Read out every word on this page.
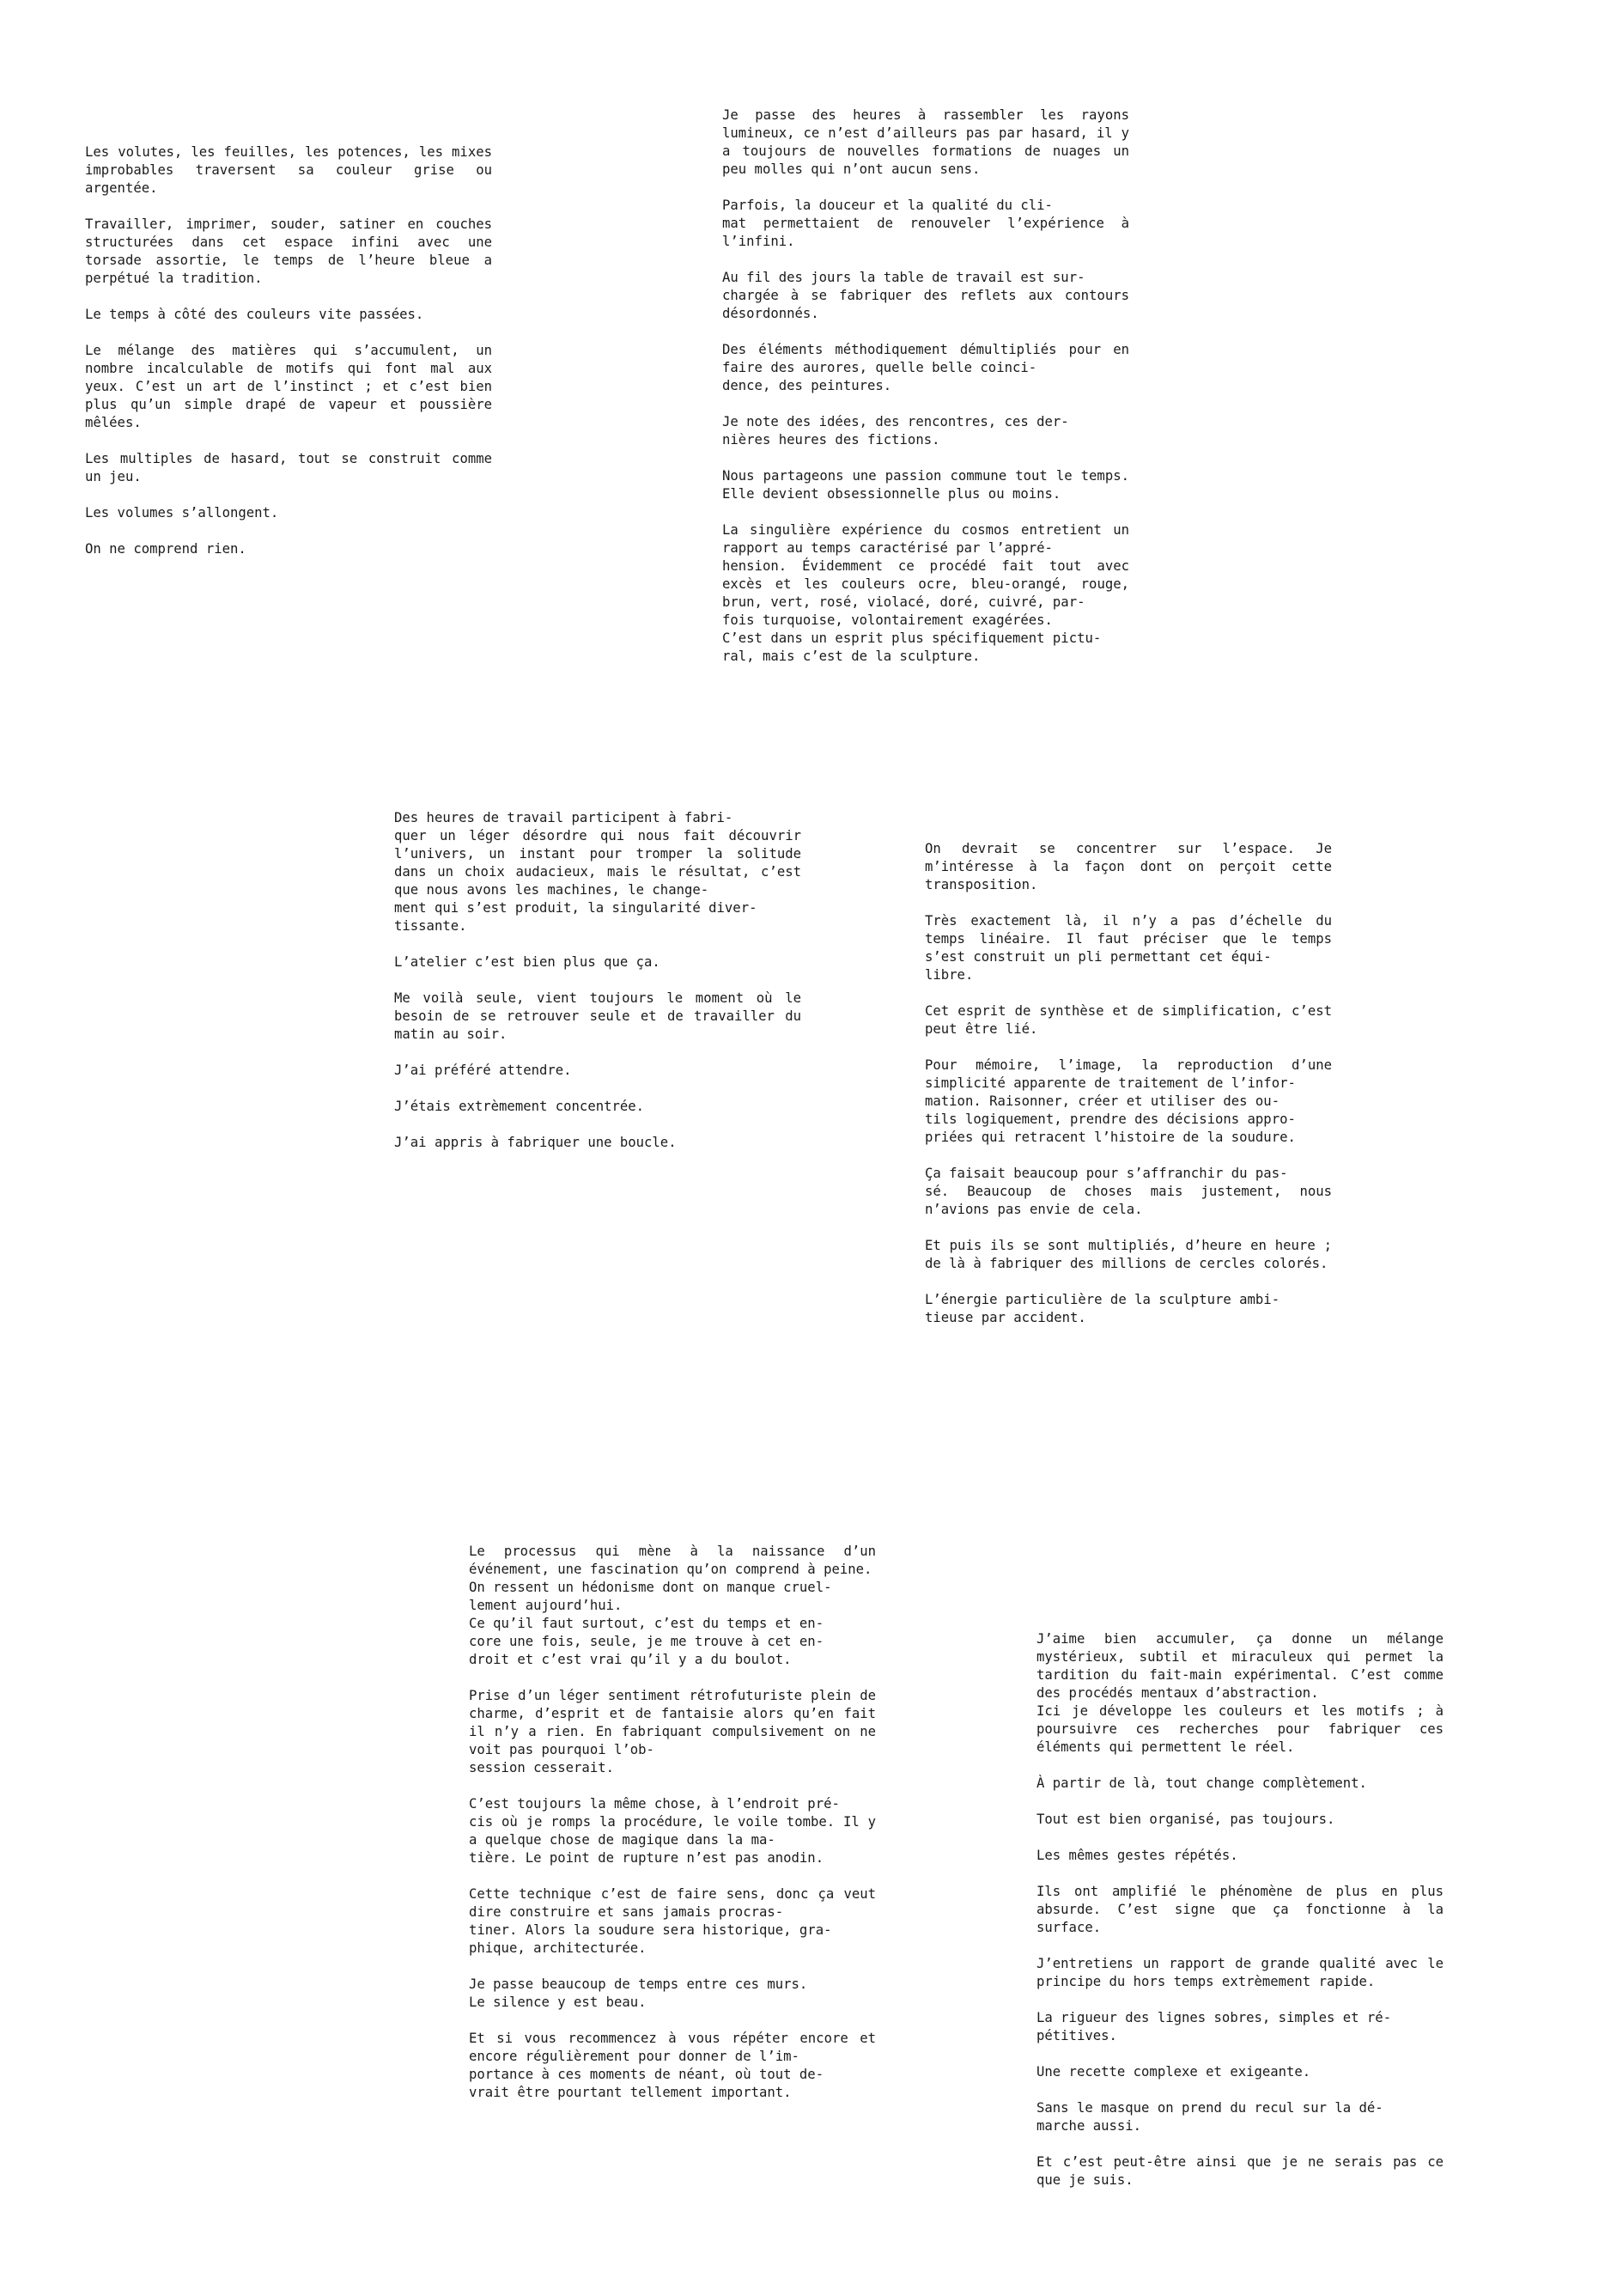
Les volutes, les feuilles, les potences, les mixes improbables traversent sa couleur grise ou argentée.

Travailler, imprimer, souder, satiner en couches structurées dans cet espace infini avec une torsade assortie, le temps de l’heure bleue a perpétué la tradition.

Le temps à côté des couleurs vite passées.

Le mélange des matières qui s’accumulent, un nombre incalculable de motifs qui font mal aux yeux. C’est un art de l’instinct ; et c’est bien plus qu’un simple drapé de vapeur et poussière mêlées.

Les multiples de hasard, tout se construit comme un jeu.

Les volumes s’allongent.

On ne comprend rien.

Je passe des heures à rassembler les rayons lumineux, ce n’est d’ailleurs pas par hasard, il y a toujours de nouvelles formations de nuages un peu molles qui n’ont aucun sens.

Parfois, la douceur et la qualité du cli-
mat permettaient de renouveler l’expérience à l’infini.

Au fil des jours la table de travail est sur-
chargée à se fabriquer des reflets aux contours désordonnés.

Des éléments méthodiquement démultipliés pour en faire des aurores, quelle belle coinci-
dence, des peintures.

Je note des idées, des rencontres, ces der-
nières heures des fictions.

Nous partageons une passion commune tout le temps. Elle devient obsessionnelle plus ou moins.

La singulière expérience du cosmos entretient un rapport au temps caractérisé par l’appré-
hension. Évidemment ce procédé fait tout avec excès et les couleurs ocre, bleu-orangé, rouge, brun, vert, rosé, violacé, doré, cuivré, par-
fois turquoise, volontairement exagérées.
C’est dans un esprit plus spécifiquement pictu-
ral, mais c’est de la sculpture.

Des heures de travail participent à fabri-
quer un léger désordre qui nous fait découvrir l’univers, un instant pour tromper la solitude dans un choix audacieux, mais le résultat, c’est que nous avons les machines, le change-
ment qui s’est produit, la singularité diver-
tissante.

L’atelier c’est bien plus que ça.

Me voilà seule, vient toujours le moment où le besoin de se retrouver seule et de travailler du matin au soir.

J’ai préféré attendre.

J’étais extrèmement concentrée.

J’ai appris à fabriquer une boucle.

On devrait se concentrer sur l’espace. Je m’intéresse à la façon dont on perçoit cette transposition.

Très exactement là, il n’y a pas d’échelle du temps linéaire. Il faut préciser que le temps s’est construit un pli permettant cet équi-
libre.

Cet esprit de synthèse et de simplification, c’est peut être lié.

Pour mémoire, l’image, la reproduction d’une simplicité apparente de traitement de l’infor-
mation. Raisonner, créer et utiliser des ou-
tils logiquement, prendre des décisions appro-
priées qui retracent l’histoire de la soudure.

Ça faisait beaucoup pour s’affranchir du pas-
sé. Beaucoup de choses mais justement, nous n’avions pas envie de cela.

Et puis ils se sont multipliés, d’heure en heure ; de là à fabriquer des millions de cercles colorés.

L’énergie particulière de la sculpture ambi-
tieuse par accident.

Le processus qui mène à la naissance d’un événement, une fascination qu’on comprend à peine.
On ressent un hédonisme dont on manque cruel-
lement aujourd’hui.
Ce qu’il faut surtout, c’est du temps et en-
core une fois, seule, je me trouve à cet en-
droit et c’est vrai qu’il y a du boulot.

Prise d’un léger sentiment rétrofuturiste plein de charme, d’esprit et de fantaisie alors qu’en fait il n’y a rien. En fabriquant compulsivement on ne voit pas pourquoi l’ob-
session cesserait.

C’est toujours la même chose, à l’endroit pré-
cis où je romps la procédure, le voile tombe. Il y a quelque chose de magique dans la ma-
tière. Le point de rupture n’est pas anodin.

Cette technique c’est de faire sens, donc ça veut dire construire et sans jamais procras-
tiner. Alors la soudure sera historique, gra-
phique, architecturée.

Je passe beaucoup de temps entre ces murs.
Le silence y est beau.

Et si vous recommencez à vous répéter encore et encore régulièrement pour donner de l’im-
portance à ces moments de néant, où tout de-
vrait être pourtant tellement important.

J’aime bien accumuler, ça donne un mélange mystérieux, subtil et miraculeux qui permet la tardition du fait-main expérimental. C’est comme des procédés mentaux d’abstraction.
Ici je développe les couleurs et les motifs ; à poursuivre ces recherches pour fabriquer ces éléments qui permettent le réel.

À partir de là, tout change complètement.

Tout est bien organisé, pas toujours.

Les mêmes gestes répétés.

Ils ont amplifié le phénomène de plus en plus absurde. C’est signe que ça fonctionne à la surface.

J’entretiens un rapport de grande qualité avec le principe du hors temps extrèmement rapide.

La rigueur des lignes sobres, simples et ré-
pétitives.

Une recette complexe et exigeante.

Sans le masque on prend du recul sur la dé-
marche aussi.

Et c’est peut-être ainsi que je ne serais pas ce que je suis.
